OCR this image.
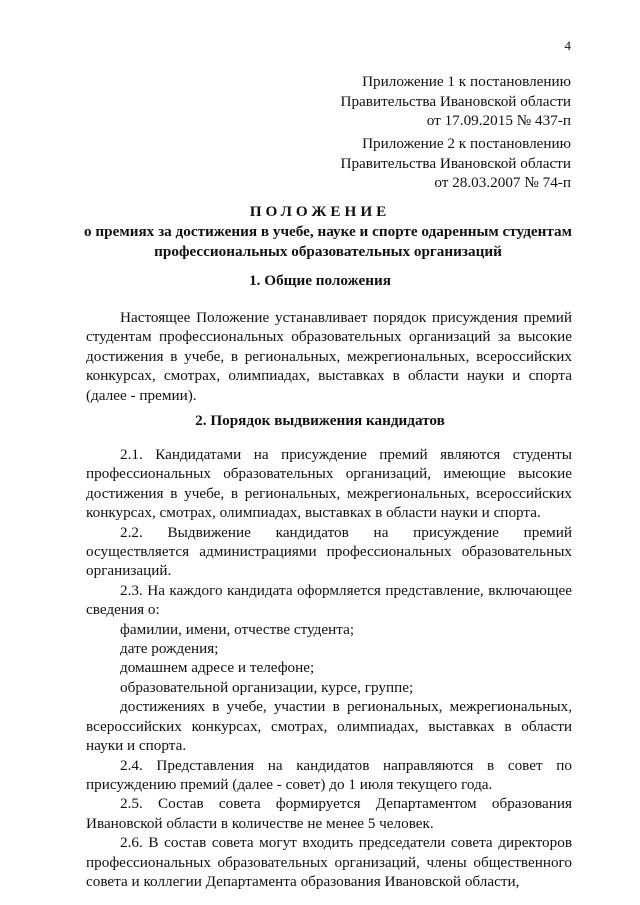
4
Приложение 1 к постановлению
Правительства Ивановской области
от 17.09.2015 № 437-п
Приложение 2 к постановлению
Правительства Ивановской области
от 28.03.2007 № 74-п
ПОЛОЖЕНИЕ
о премиях за достижения в учебе, науке и спорте одаренным студентам профессиональных образовательных организаций
1. Общие положения

Настоящее Положение устанавливает порядок присуждения премий студентам профессиональных образовательных организаций за высокие достижения в учебе, в региональных, межрегиональных, всероссийских конкурсах, смотрах, олимпиадах, выставках в области науки и спорта (далее - премии).

2. Порядок выдвижения кандидатов

2.1. Кандидатами на присуждение премий являются студенты профессиональных образовательных организаций, имеющие высокие достижения в учебе, в региональных, межрегиональных, всероссийских конкурсах, смотрах, олимпиадах, выставках в области науки и спорта.

2.2. Выдвижение кандидатов на присуждение премий осуществляется администрациями профессиональных образовательных организаций.

2.3. На каждого кандидата оформляется представление, включающее сведения о:

фамилии, имени, отчестве студента;

дате рождения;

домашнем адресе и телефоне;

образовательной организации, курсе, группе;

достижениях в учебе, участии в региональных, межрегиональных, всероссийских конкурсах, смотрах, олимпиадах, выставках в области науки и спорта.

2.4. Представления на кандидатов направляются в совет по присуждению премий (далее - совет) до 1 июля текущего года.

2.5. Состав совета формируется Департаментом образования Ивановской области в количестве не менее 5 человек.

2.6. В состав совета могут входить председатели совета директоров профессиональных образовательных организаций, члены общественного совета и коллегии Департамента образования Ивановской области,
